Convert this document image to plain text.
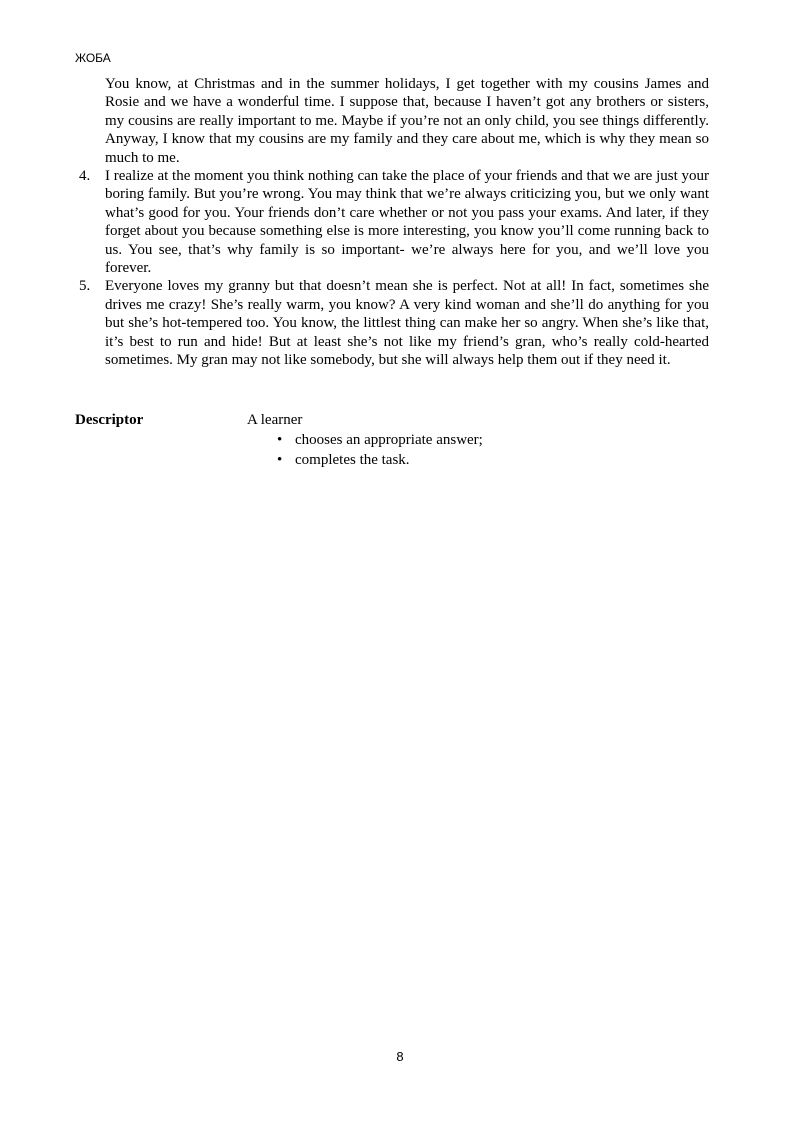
ЖОБА

You know, at Christmas and in the summer holidays, I get together with my cousins James and Rosie and we have a wonderful time. I suppose that, because I haven’t got any brothers or sisters, my cousins are really important to me. Maybe if you’re not an only child, you see things differently. Anyway, I know that my cousins are my family and they care about me, which is why they mean so much to me.

4. I realize at the moment you think nothing can take the place of your friends and that we are just your boring family. But you’re wrong. You may think that we’re always criticizing you, but we only want what’s good for you. Your friends don’t care whether or not you pass your exams. And later, if they forget about you because something else is more interesting, you know you’ll come running back to us. You see, that’s why family is so important- we’re always here for you, and we’ll love you forever.
5. Everyone loves my granny but that doesn’t mean she is perfect. Not at all! In fact, sometimes she drives me crazy! She’s really warm, you know? A very kind woman and she’ll do anything for you but she’s hot-tempered too. You know, the littlest thing can make her so angry. When she’s like that, it’s best to run and hide! But at least she’s not like my friend’s gran, who’s really cold-hearted sometimes. My gran may not like somebody, but she will always help them out if they need it.
Descriptor	A learner
• chooses an appropriate answer;
• completes the task.
8
